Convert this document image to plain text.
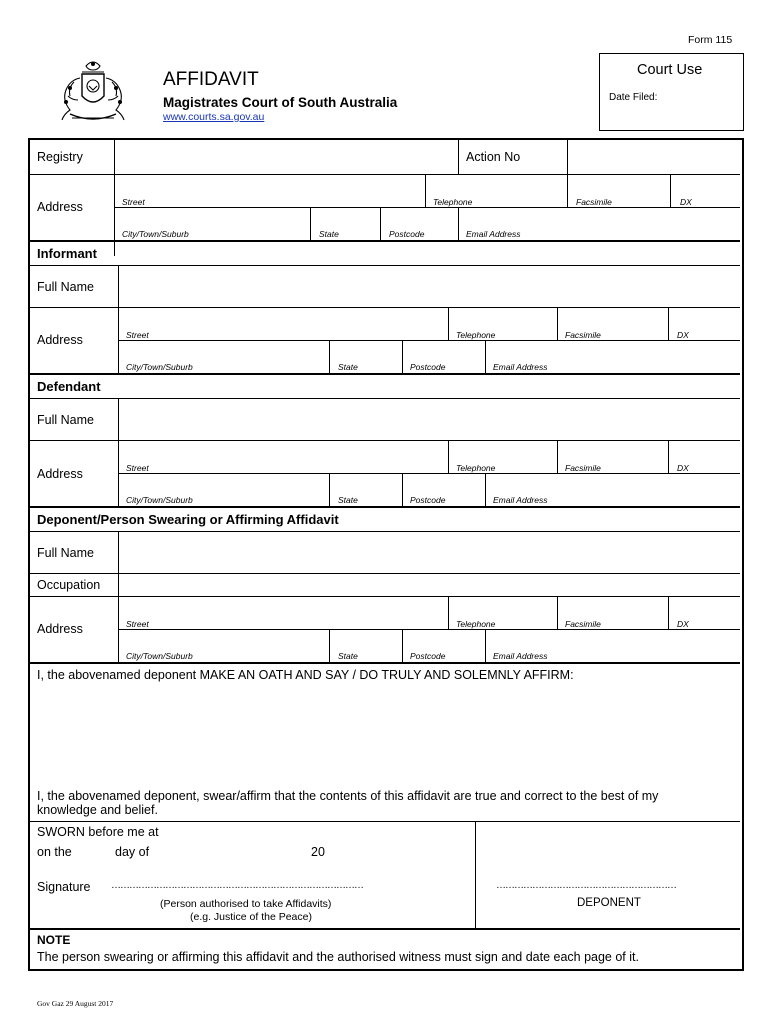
Form 115
AFFIDAVIT
Magistrates Court of South Australia
www.courts.sa.gov.au
Court Use
Date Filed:
Registry	Action No
Address	Street	Telephone	Facsimile	DX
City/Town/Suburb	State	Postcode	Email Address
Informant
Full Name
Address	Street	Telephone	Facsimile	DX
City/Town/Suburb	State	Postcode	Email Address
Defendant
Full Name
Address	Street	Telephone	Facsimile	DX
City/Town/Suburb	State	Postcode	Email Address
Deponent/Person Swearing or Affirming Affidavit
Full Name
Occupation
Address	Street	Telephone	Facsimile	DX
City/Town/Suburb	State	Postcode	Email Address
I, the abovenamed deponent MAKE AN OATH AND SAY / DO TRULY AND SOLEMNLY AFFIRM:
I, the abovenamed deponent, swear/affirm that the contents of this affidavit are true and correct to the best of my knowledge and belief.
SWORN before me at
on the	day of	20
Signature …………………………………………………………………………
(Person authorised to take Affidavits)
(e.g. Justice of the Peace)
……………………………………………………
DEPONENT
NOTE
The person swearing or affirming this affidavit and the authorised witness must sign and date each page of it.
Gov Gaz 29 August 2017
